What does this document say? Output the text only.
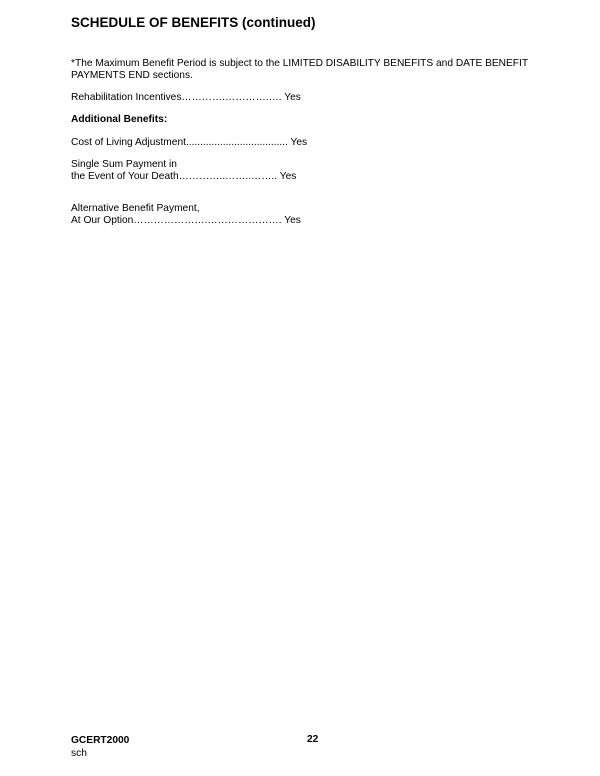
SCHEDULE OF BENEFITS (continued)
*The Maximum Benefit Period is subject to the LIMITED DISABILITY BENEFITS and DATE BENEFIT
PAYMENTS END sections.
Rehabilitation Incentives………….………….…. Yes
Additional Benefits:
Cost of Living Adjustment.................................... Yes
Single Sum Payment in
the Event of Your Death…………..……..…….. Yes
Alternative Benefit Payment,
At Our Option………………….…………………. Yes
GCERT2000
sch
22
